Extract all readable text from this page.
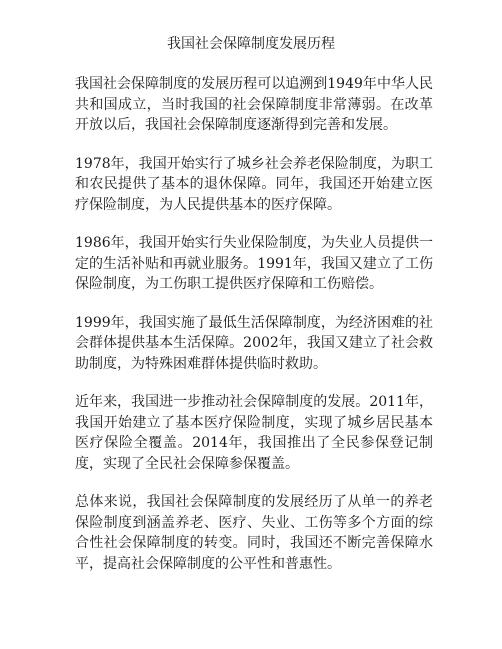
我国社会保障制度发展历程

我国社会保障制度的发展历程可以追溯到1949年中华人民共和国成立，当时我国的社会保障制度非常薄弱。在改革开放以后，我国社会保障制度逐渐得到完善和发展。

1978年，我国开始实行了城乡社会养老保险制度，为职工和农民提供了基本的退休保障。同年，我国还开始建立医疗保险制度，为人民提供基本的医疗保障。

1986年，我国开始实行失业保险制度，为失业人员提供一定的生活补贴和再就业服务。1991年，我国又建立了工伤保险制度，为工伤职工提供医疗保障和工伤赔偿。

1999年，我国实施了最低生活保障制度，为经济困难的社会群体提供基本生活保障。2002年，我国又建立了社会救助制度，为特殊困难群体提供临时救助。

近年来，我国进一步推动社会保障制度的发展。2011年，我国开始建立了基本医疗保险制度，实现了城乡居民基本医疗保险全覆盖。2014年，我国推出了全民参保登记制度，实现了全民社会保障参保覆盖。

总体来说，我国社会保障制度的发展经历了从单一的养老保险制度到涵盖养老、医疗、失业、工伤等多个方面的综合性社会保障制度的转变。同时，我国还不断完善保障水平，提高社会保障制度的公平性和普惠性。
